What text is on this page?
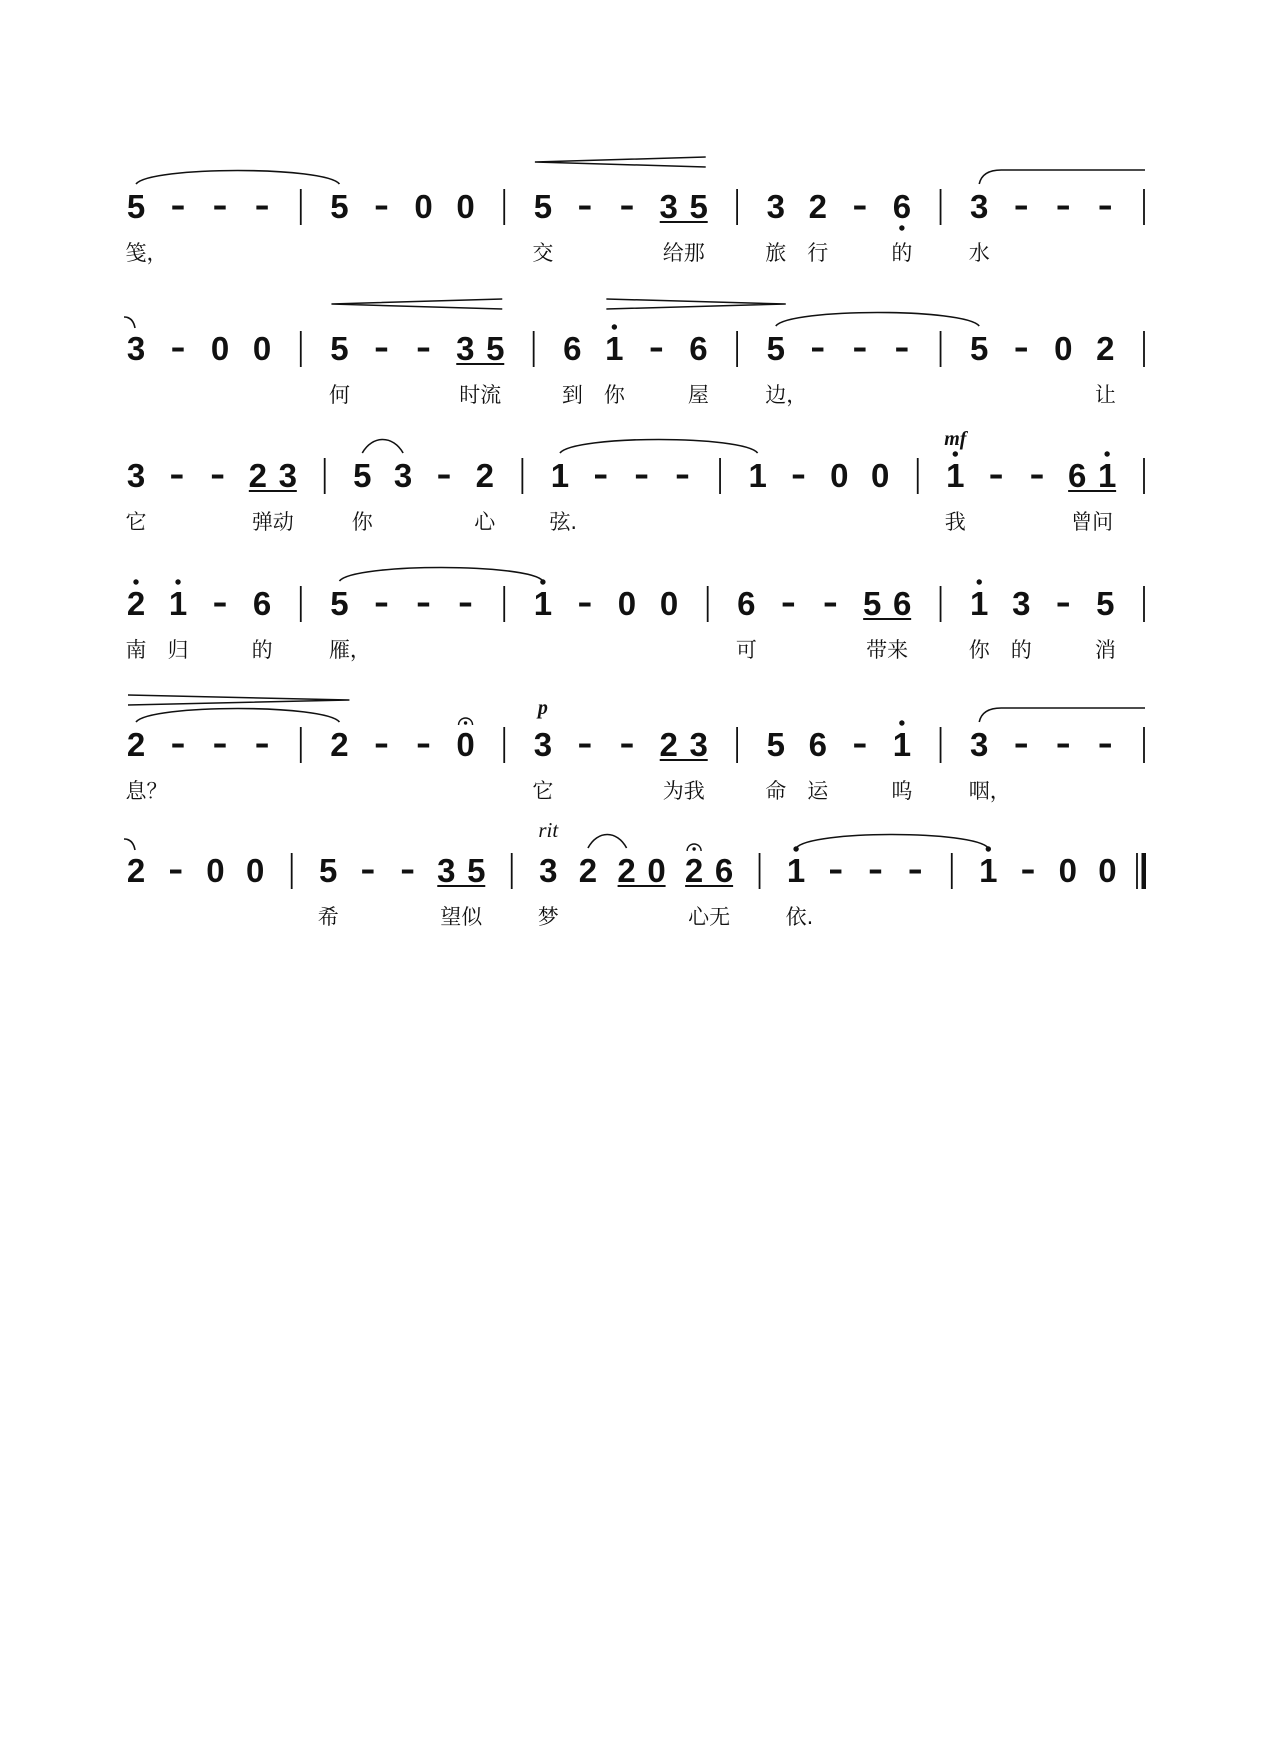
5 - - - 5 - 0 0 5 - - 3 5 3 2 - 6 3 - - -
笺，	交	给那	旅 行	的	水
3 - 0 0 5 - - 3 5 6 1 - 6 5 - - - 5 - 0 2
何	时流	到 你	屋	边，	让
3 - - 2 3 5 3 - 2 1 - - - 1 - 0 0 1 - - 6 1
mf
它	弹动	你	心	弦.	我	曾问
2 1 - 6 5 - - - 1 - 0 0 6 - - 5 6 1 3 - 5
南 归	的	雁，	可	带来	你 的	消
2 - - - 2 - - 0 3 - - 2 3 5 6 - 1 3 - - -
p
息？	它	为我	命 运	呜	咽，
2 - 0 0 5 - - 3 5 3 2 2 0 2 6 1 - - - 1 - 0 0
rit
希	望似	梦	心无	依.
